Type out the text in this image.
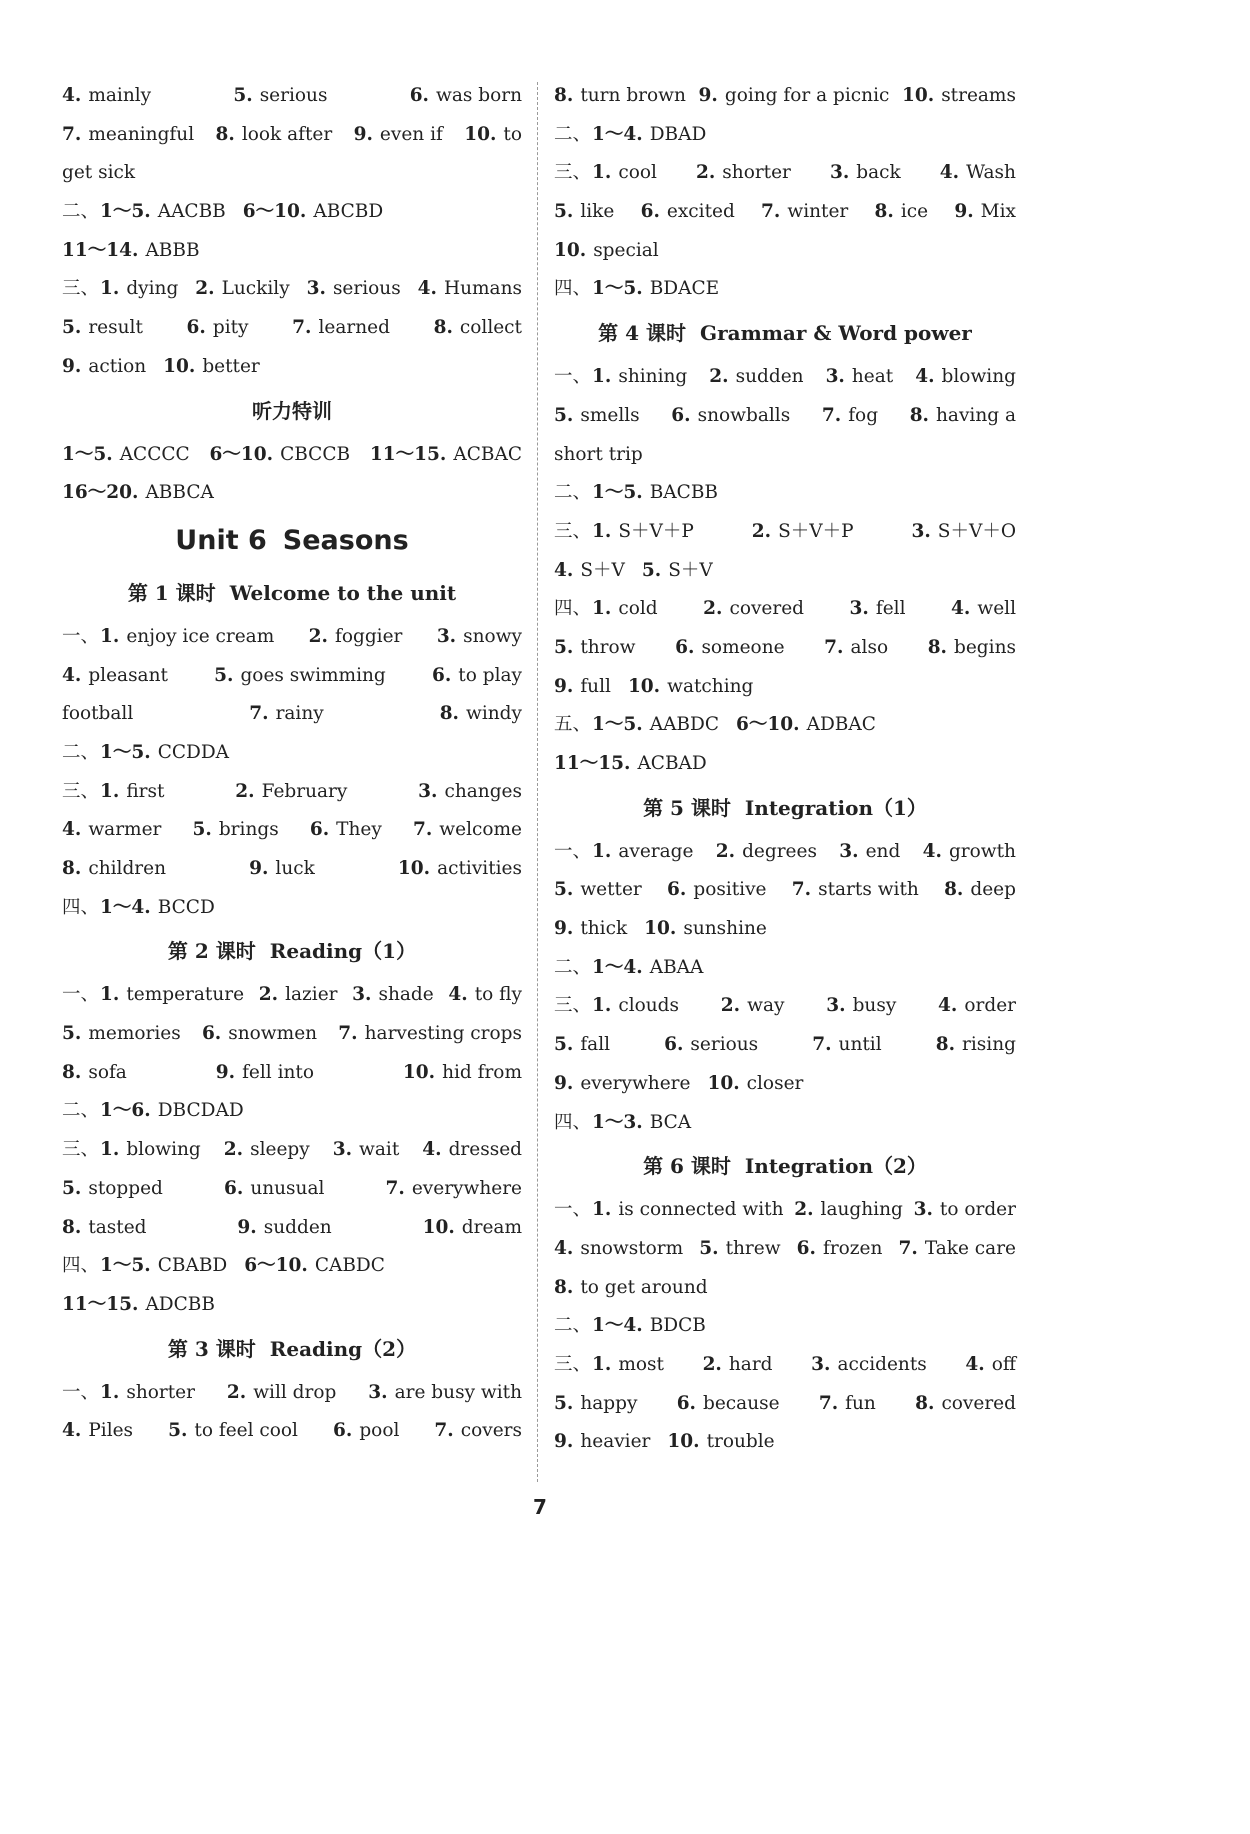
4. mainly	5. serious	6. was born
7. meaningful 8. look after 9. even if 10. to
get sick
二、1～5. AACBB 6～10. ABCBD
11～14. ABBB
三、1. dying 2. Luckily 3. serious 4. Humans
5. result 6. pity 7. learned 8. collect
9. action 10. better
听力特训
1～5. ACCCC 6～10. CBCCB 11～15. ACBAC
16～20. ABBCA
Unit 6 Seasons
第 1 课时 Welcome to the unit
一、1. enjoy ice cream 2. foggier 3. snowy
4. pleasant 5. goes swimming 6. to play
football	7. rainy	8. windy
二、1～5. CCDDA
三、1. first	2. February	3. changes
4. warmer 5. brings 6. They 7. welcome
8. children	9. luck	10. activities
四、1～4. BCCD
第 2 课时 Reading（1）
一、1. temperature 2. lazier 3. shade 4. to fly
5. memories 6. snowmen 7. harvesting crops
8. sofa	9. fell into	10. hid from
二、1～6. DBCDAD
三、1. blowing 2. sleepy 3. wait 4. dressed
5. stopped	6. unusual	7. everywhere
8. tasted	9. sudden	10. dream
四、1～5. CBABD 6～10. CABDC
11～15. ADCBB
第 3 课时 Reading（2）
一、1. shorter 2. will drop 3. are busy with
4. Piles 5. to feel cool 6. pool 7. covers
8. turn brown 9. going for a picnic 10. streams
二、1～4. DBAD
三、1. cool 2. shorter 3. back 4. Wash
5. like 6. excited 7. winter 8. ice 9. Mix
10. special
四、1～5. BDACE
第 4 课时 Grammar & Word power
一、1. shining 2. sudden 3. heat 4. blowing
5. smells 6. snowballs 7. fog 8. having a
short trip
二、1～5. BACBB
三、1. S＋V＋P	2. S＋V＋P	3. S＋V＋O
4. S＋V 5. S＋V
四、1. cold 2. covered 3. fell 4. well
5. throw 6. someone 7. also 8. begins
9. full 10. watching
五、1～5. AABDC 6～10. ADBAC
11～15. ACBAD
第 5 课时 Integration（1）
一、1. average 2. degrees 3. end 4. growth
5. wetter 6. positive 7. starts with 8. deep
9. thick 10. sunshine
二、1～4. ABAA
三、1. clouds 2. way 3. busy 4. order
5. fall	6. serious	7. until	8. rising
9. everywhere 10. closer
四、1～3. BCA
第 6 课时 Integration（2）
一、1. is connected with 2. laughing 3. to order
4. snowstorm 5. threw 6. frozen 7. Take care
8. to get around
二、1～4. BDCB
三、1. most 2. hard 3. accidents 4. off
5. happy 6. because 7. fun 8. covered
9. heavier 10. trouble
7
